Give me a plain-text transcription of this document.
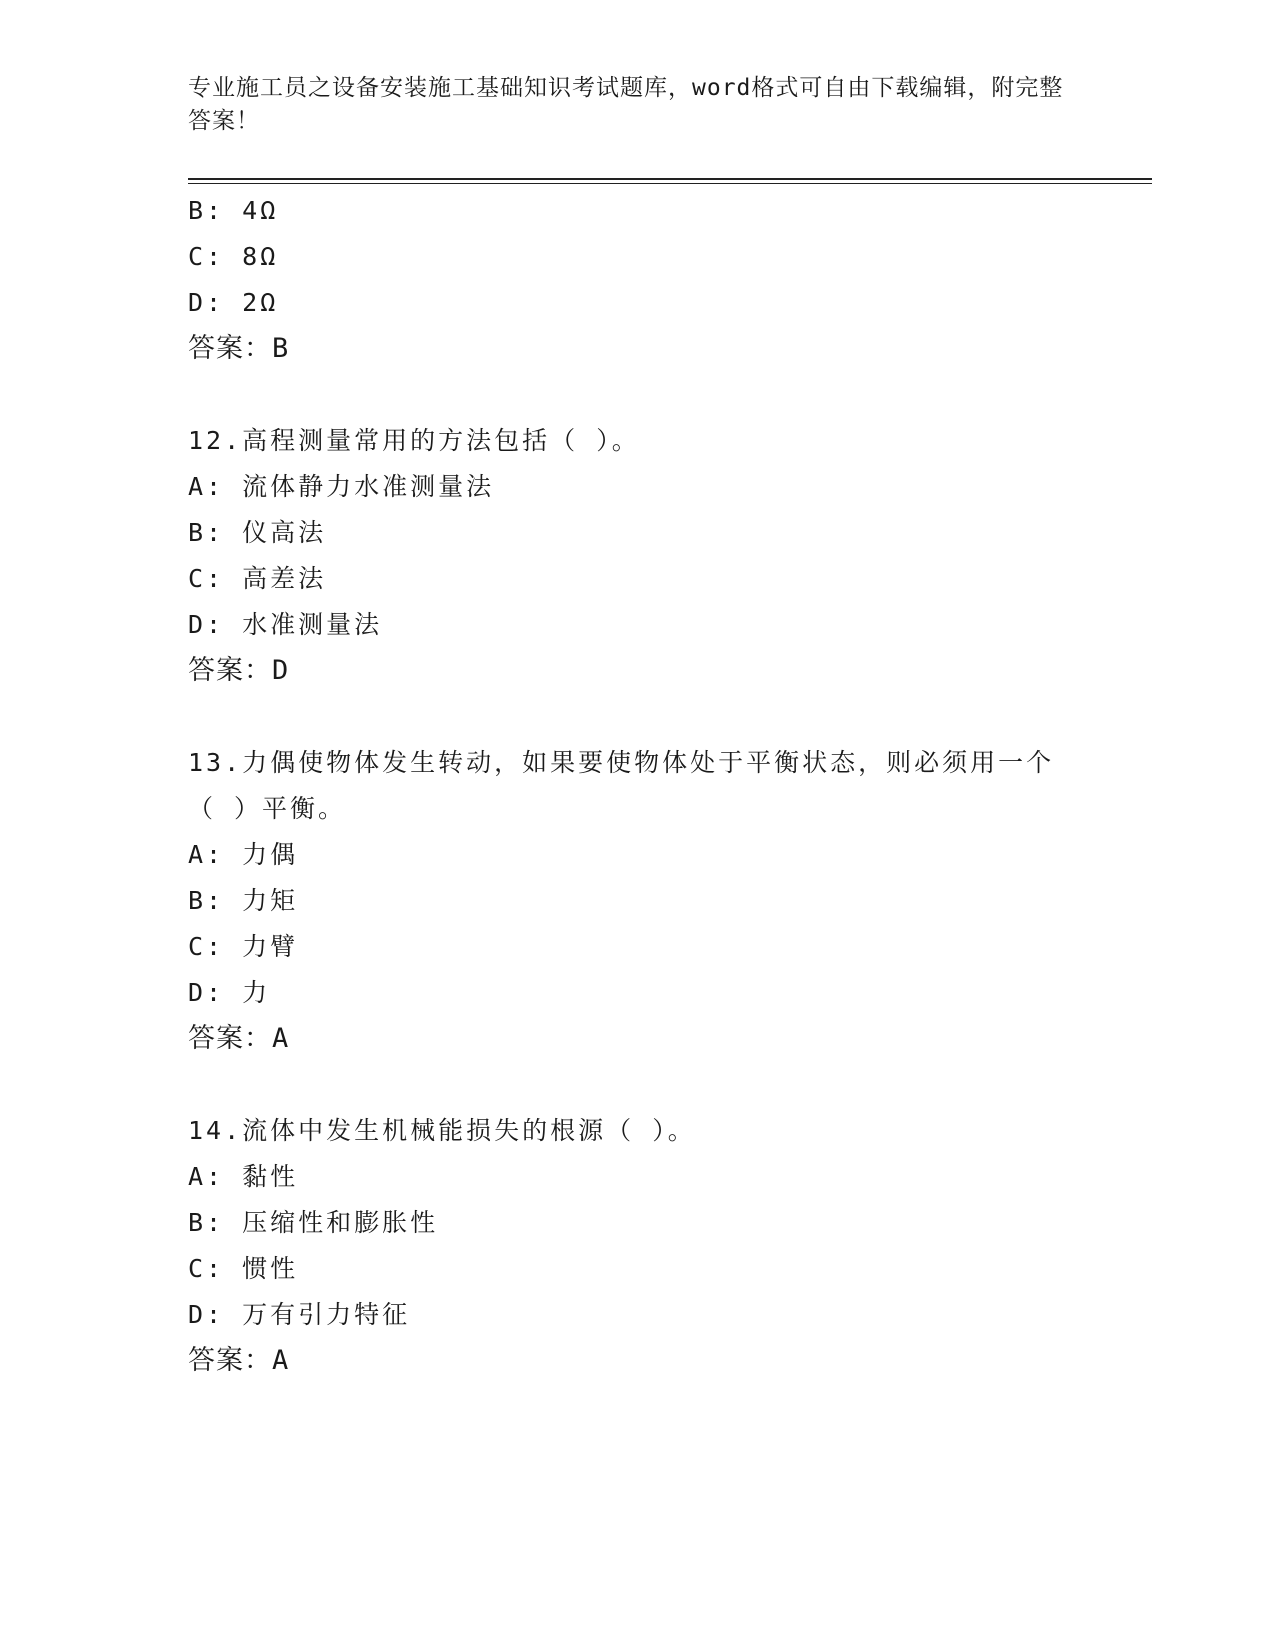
专业施工员之设备安装施工基础知识考试题库，word格式可自由下载编辑，附完整答案！
B: 4Ω
C: 8Ω
D: 2Ω
答案：B
12.高程测量常用的方法包括（ ）。
A: 流体静力水准测量法
B: 仪高法
C: 高差法
D: 水准测量法
答案：D
13.力偶使物体发生转动，如果要使物体处于平衡状态，则必须用一个（ ）平衡。
A: 力偶
B: 力矩
C: 力臂
D: 力
答案：A
14.流体中发生机械能损失的根源（ ）。
A: 黏性
B: 压缩性和膨胀性
C: 惯性
D: 万有引力特征
答案：A
